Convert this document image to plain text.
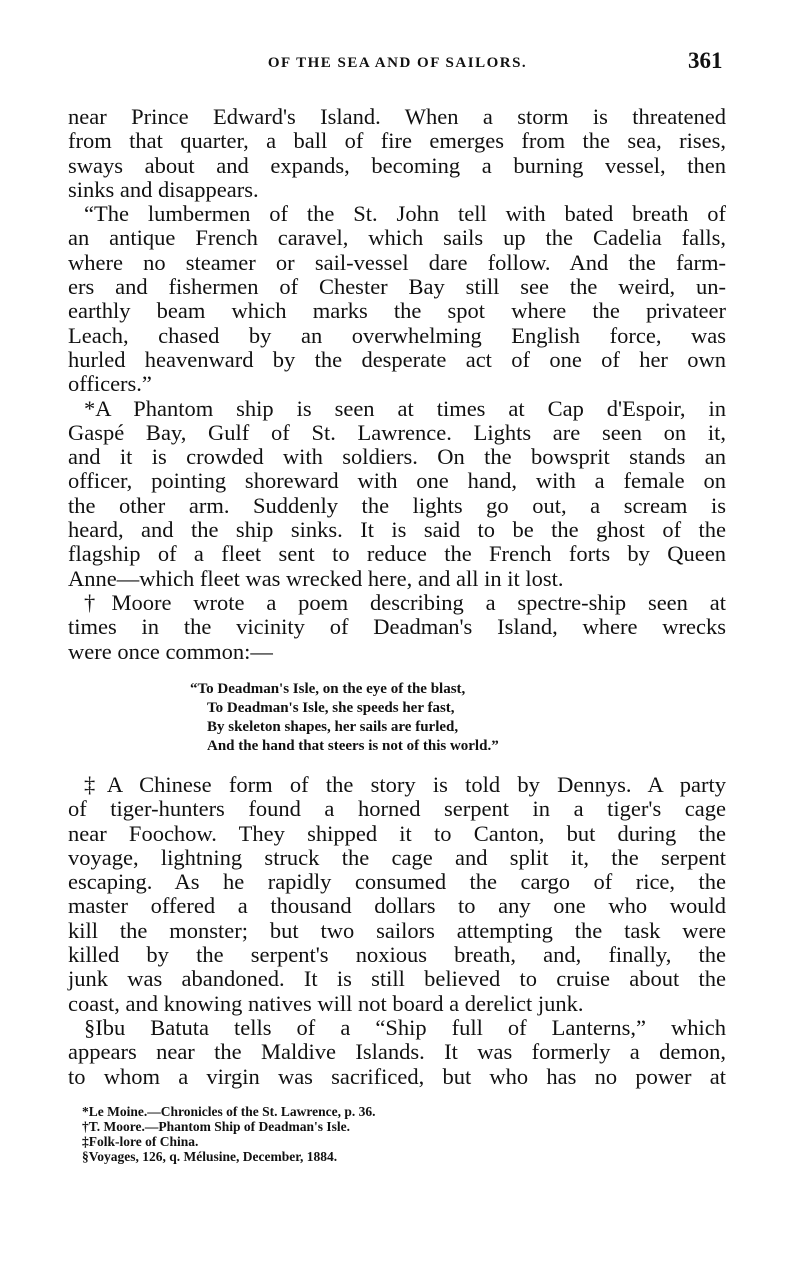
OF THE SEA AND OF SAILORS.	361
near Prince Edward's Island. When a storm is threatened
from that quarter, a ball of fire emerges from the sea, rises,
sways about and expands, becoming a burning vessel, then
sinks and disappears.
“The lumbermen of the St. John tell with bated breath of
an antique French caravel, which sails up the Cadelia falls,
where no steamer or sail-vessel dare follow. And the farm-
ers and fishermen of Chester Bay still see the weird, un-
earthly beam which marks the spot where the privateer
Leach, chased by an overwhelming English force, was
hurled heavenward by the desperate act of one of her own
officers.”
*A Phantom ship is seen at times at Cap d'Espoir, in
Gaspé Bay, Gulf of St. Lawrence. Lights are seen on it,
and it is crowded with soldiers. On the bowsprit stands an
officer, pointing shoreward with one hand, with a female on
the other arm. Suddenly the lights go out, a scream is
heard, and the ship sinks. It is said to be the ghost of the
flagship of a fleet sent to reduce the French forts by Queen
Anne—which fleet was wrecked here, and all in it lost.
†Moore wrote a poem describing a spectre-ship seen at
times in the vicinity of Deadman's Island, where wrecks
were once common:—
“To Deadman's Isle, on the eye of the blast,
To Deadman's Isle, she speeds her fast,
By skeleton shapes, her sails are furled,
And the hand that steers is not of this world.”
‡A Chinese form of the story is told by Dennys. A party
of tiger-hunters found a horned serpent in a tiger's cage
near Foochow. They shipped it to Canton, but during the
voyage, lightning struck the cage and split it, the serpent
escaping. As he rapidly consumed the cargo of rice, the
master offered a thousand dollars to any one who would
kill the monster; but two sailors attempting the task were
killed by the serpent's noxious breath, and, finally, the
junk was abandoned. It is still believed to cruise about the
coast, and knowing natives will not board a derelict junk.
§Ibu Batuta tells of a “Ship full of Lanterns,” which
appears near the Maldive Islands. It was formerly a demon,
to whom a virgin was sacrificed, but who has no power at
*Le Moine.—Chronicles of the St. Lawrence, p. 36.
†T. Moore.—Phantom Ship of Deadman's Isle.
‡Folk-lore of China.
§Voyages, 126, q. Mélusine, December, 1884.
